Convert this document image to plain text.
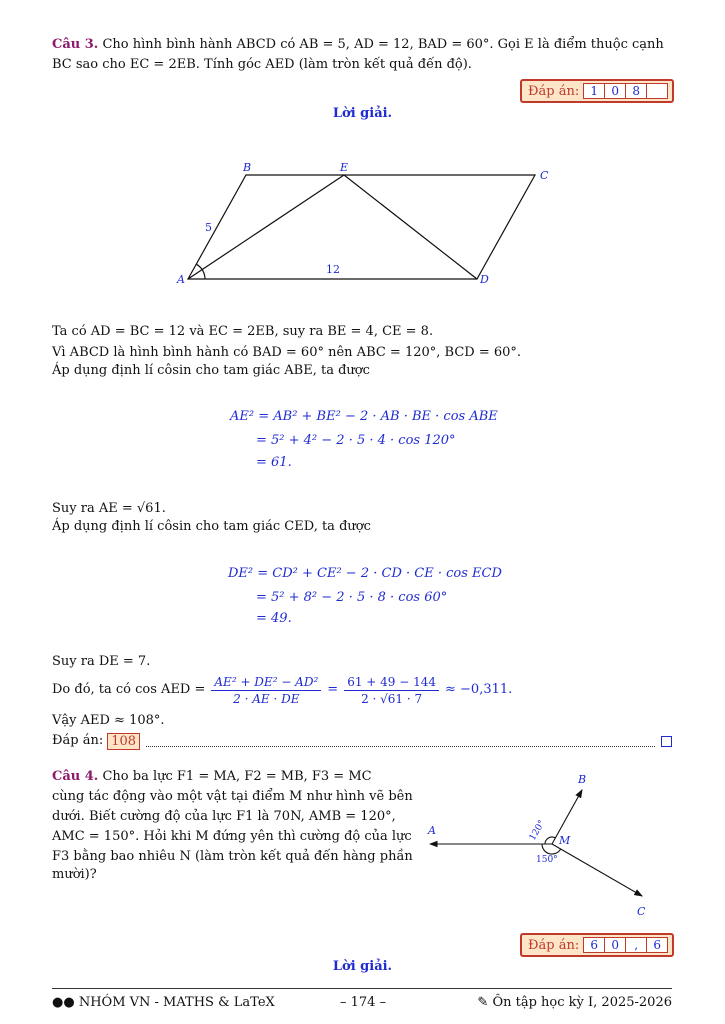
Câu 3. Cho hình bình hành ABCD có AB = 5, AD = 12, BAD = 60°. Gọi E là điểm thuộc cạnh
BC sao cho EC = 2EB. Tính góc AED (làm tròn kết quả đến độ).
Đáp án: 1	0	8
Lời giải.
A
B	E
C
D
5
12
Ta có AD = BC = 12 và EC = 2EB, suy ra BE = 4, CE = 8.
Vì ABCD là hình bình hành có BAD = 60° nên ABC = 120°, BCD = 60°.
Áp dụng định lí côsin cho tam giác ABE, ta được
AE² = AB² + BE² − 2 · AB · BE · cos ABE
= 5² + 4² − 2 · 5 · 4 · cos 120°
= 61.
Suy ra AE = √61.
Áp dụng định lí côsin cho tam giác CED, ta được
DE² = CD² + CE² − 2 · CD · CE · cos ECD
= 5² + 8² − 2 · 5 · 8 · cos 60°
= 49.
Suy ra DE = 7.
Do đó, ta có cos AED = $\frac{\text{AE² + DE² − AD²}}{2 \cdot AE \cdot DE} = \frac{61 + 49 - 144}{2 \cdot √61 \cdot 7} \approx -0,311$.
Vậy AED ≈ 108°.
Đáp án: 108
Câu 4. Cho ba lực F1 = MA, F2 = MB, F3 = MC
cùng tác động vào một vật tại điểm M như hình vẽ bên
dưới. Biết cường độ của lực F1 là 70N, AMB = 120°,
AMC = 150°. Hỏi khi M đứng yên thì cường độ của lực
F3 bằng bao nhiêu N (làm tròn kết quả đến hàng phần
mười)?
A
B
C
M
120°
150°
Đáp án: 6	0	,	6
Lời giải.
●● NHÓM VN - MATHS & LaTeX	– 174 –	✎ Ôn tập học kỳ I, 2025-2026
